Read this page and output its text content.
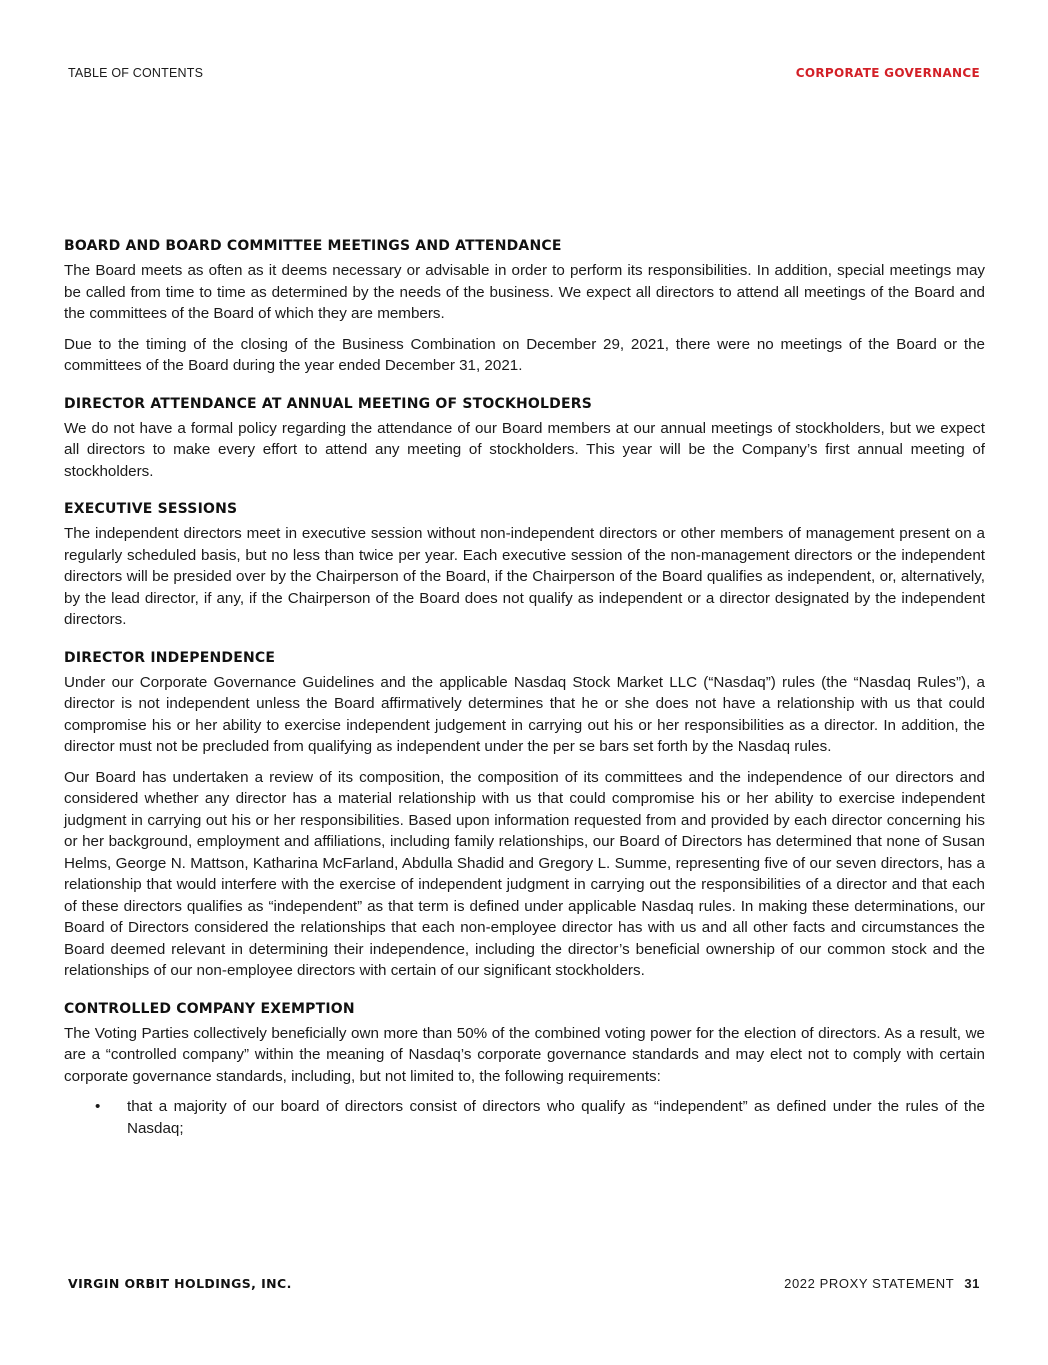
TABLE OF CONTENTS	CORPORATE GOVERNANCE
BOARD AND BOARD COMMITTEE MEETINGS AND ATTENDANCE

The Board meets as often as it deems necessary or advisable in order to perform its responsibilities. In addition, special meetings may be called from time to time as determined by the needs of the business. We expect all directors to attend all meetings of the Board and the committees of the Board of which they are members.

Due to the timing of the closing of the Business Combination on December 29, 2021, there were no meetings of the Board or the committees of the Board during the year ended December 31, 2021.

DIRECTOR ATTENDANCE AT ANNUAL MEETING OF STOCKHOLDERS

We do not have a formal policy regarding the attendance of our Board members at our annual meetings of stockholders, but we expect all directors to make every effort to attend any meeting of stockholders. This year will be the Company’s first annual meeting of stockholders.

EXECUTIVE SESSIONS

The independent directors meet in executive session without non-independent directors or other members of management present on a regularly scheduled basis, but no less than twice per year. Each executive session of the non-management directors or the independent directors will be presided over by the Chairperson of the Board, if the Chairperson of the Board qualifies as independent, or, alternatively, by the lead director, if any, if the Chairperson of the Board does not qualify as independent or a director designated by the independent directors.

DIRECTOR INDEPENDENCE

Under our Corporate Governance Guidelines and the applicable Nasdaq Stock Market LLC (“Nasdaq”) rules (the “Nasdaq Rules”), a director is not independent unless the Board affirmatively determines that he or she does not have a relationship with us that could compromise his or her ability to exercise independent judgement in carrying out his or her responsibilities as a director. In addition, the director must not be precluded from qualifying as independent under the per se bars set forth by the Nasdaq rules.

Our Board has undertaken a review of its composition, the composition of its committees and the independence of our directors and considered whether any director has a material relationship with us that could compromise his or her ability to exercise independent judgment in carrying out his or her responsibilities. Based upon information requested from and provided by each director concerning his or her background, employment and affiliations, including family relationships, our Board of Directors has determined that none of Susan Helms, George N. Mattson, Katharina McFarland, Abdulla Shadid and Gregory L. Summe, representing five of our seven directors, has a relationship that would interfere with the exercise of independent judgment in carrying out the responsibilities of a director and that each of these directors qualifies as “independent” as that term is defined under applicable Nasdaq rules. In making these determinations, our Board of Directors considered the relationships that each non-employee director has with us and all other facts and circumstances the Board deemed relevant in determining their independence, including the director’s beneficial ownership of our common stock and the relationships of our non-employee directors with certain of our significant stockholders.

CONTROLLED COMPANY EXEMPTION

The Voting Parties collectively beneficially own more than 50% of the combined voting power for the election of directors. As a result, we are a “controlled company” within the meaning of Nasdaq’s corporate governance standards and may elect not to comply with certain corporate governance standards, including, but not limited to, the following requirements:

• that a majority of our board of directors consist of directors who qualify as “independent” as defined under the rules of the Nasdaq;
VIRGIN ORBIT HOLDINGS, INC.	2022 PROXY STATEMENT 31
